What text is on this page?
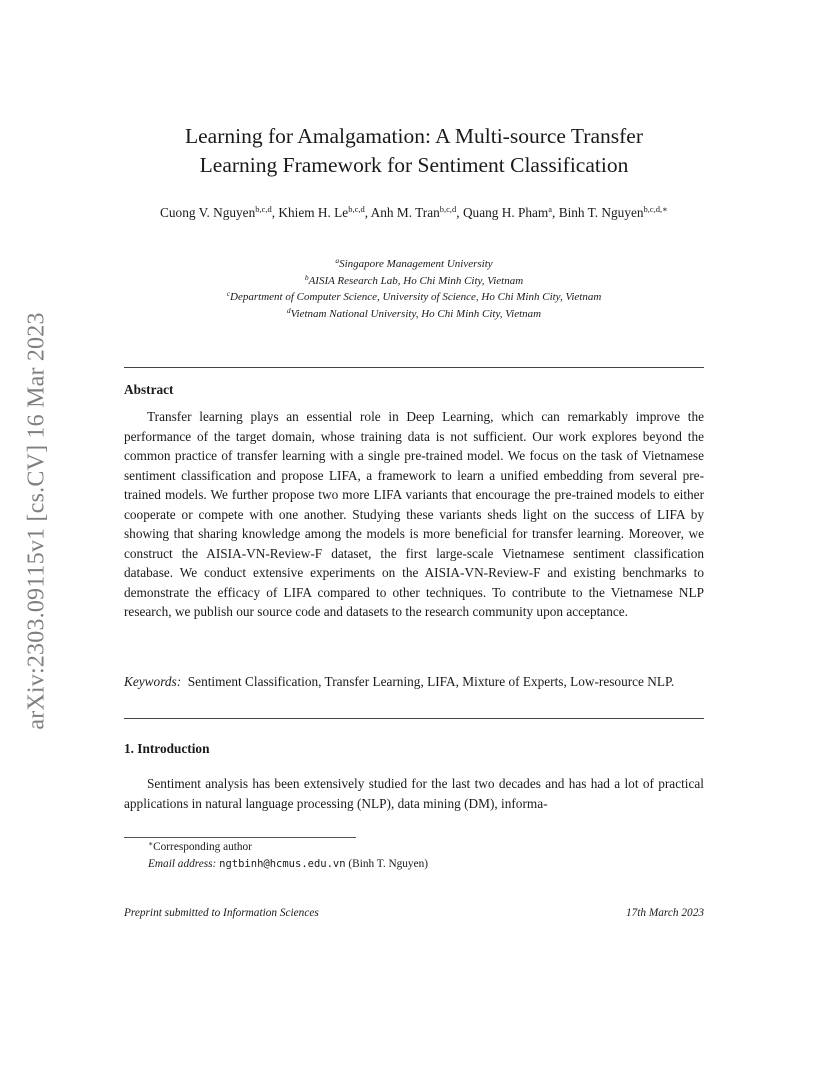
arXiv:2303.09115v1 [cs.CV] 16 Mar 2023
Learning for Amalgamation: A Multi-source Transfer
Learning Framework for Sentiment Classification
Cuong V. Nguyen$^{b,c,d}$, Khiem H. Le$^{b,c,d}$, Anh M. Tran$^{b,c,d}$, Quang H. Pham$^a$, Binh T. Nguyen$^{b,c,d,∗}$
$^a$Singapore Management University
$^b$AISIA Research Lab, Ho Chi Minh City, Vietnam
$^c$Department of Computer Science, University of Science, Ho Chi Minh City, Vietnam
$^d$Vietnam National University, Ho Chi Minh City, Vietnam
Abstract
Transfer learning plays an essential role in Deep Learning, which can remarkably improve the performance of the target domain, whose training data is not sufficient. Our work explores beyond the common practice of transfer learning with a single pre-trained model. We focus on the task of Vietnamese sentiment classification and propose LIFA, a framework to learn a unified embedding from several pre-trained models. We further propose two more LIFA variants that encourage the pre-trained models to either cooperate or compete with one another. Studying these variants sheds light on the success of LIFA by showing that sharing knowledge among the models is more beneficial for transfer learning. Moreover, we construct the AISIA-VN-Review-F dataset, the first large-scale Vietnamese sentiment classification database. We conduct extensive experiments on the AISIA-VN-Review-F and existing benchmarks to demonstrate the efficacy of LIFA compared to other techniques. To contribute to the Vietnamese NLP research, we publish our source code and datasets to the research community upon acceptance.
Keywords: Sentiment Classification, Transfer Learning, LIFA, Mixture of Experts, Low-resource NLP.
1. Introduction
Sentiment analysis has been extensively studied for the last two decades and has had a lot of practical applications in natural language processing (NLP), data mining (DM), informa-
∗Corresponding author
Email address: ngtbinh@hcmus.edu.vn (Binh T. Nguyen)
Preprint submitted to Information Sciences	17th March 2023
